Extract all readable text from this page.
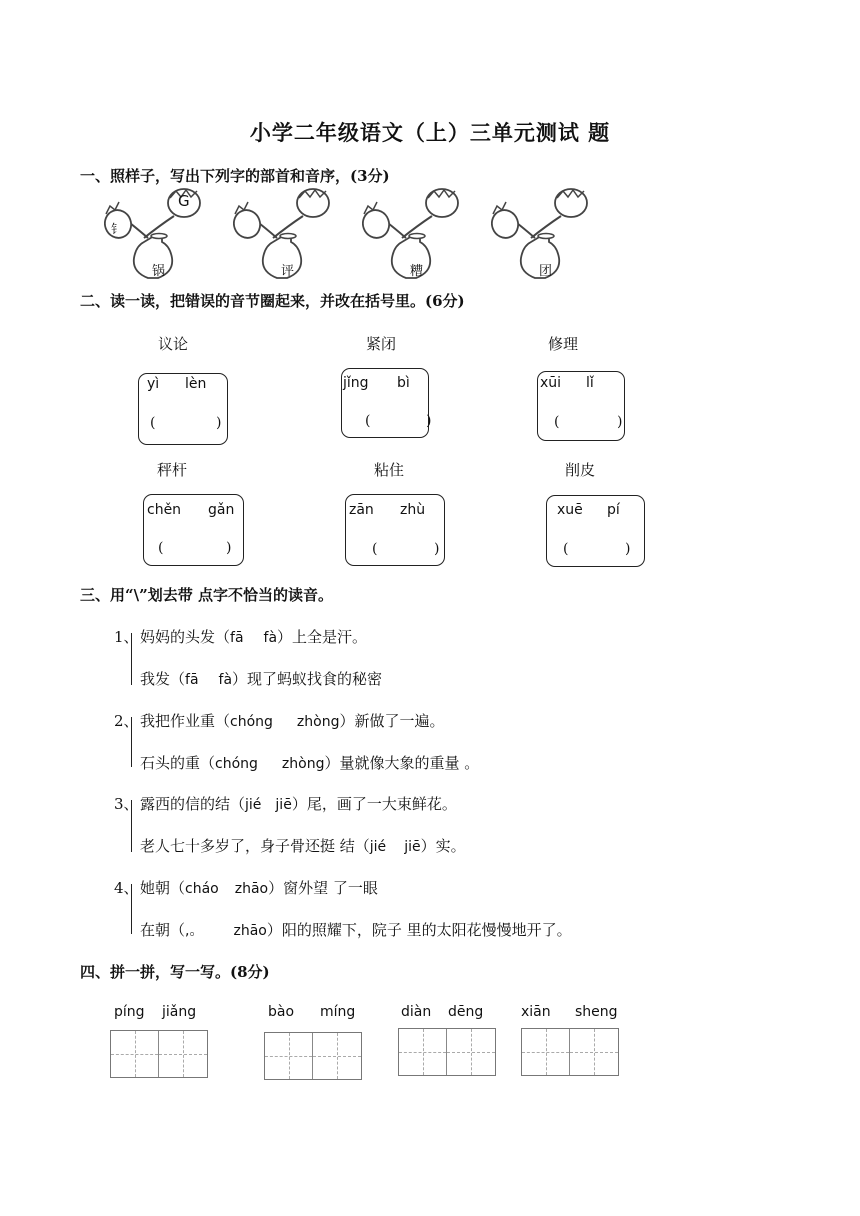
小学二年级语文（上）三单元测试 题
一、照样子，写出下列字的部首和音序，(3分)
锅
钅
G
评	糟	团
二、读一读，把错误的音节圈起来，并改在括号里。(6分)
议论	紧闭	修理
yì lèn
(	)
jǐng bì
(	)
xūi lǐ
(	)
秤杆	粘住	削皮
chěn gǎn
(	)
zān zhù
(	)
xuē pí
(	)
三、用“\”划去带 点字不恰当的读音。
1、 妈妈的头发（fā fà）上全是汗。
我发（fā fà）现了蚂蚁找食的秘密
2、 我把作业重（chóng zhòng）新做了一遍。
石头的重（chóng zhòng）量就像大象的重量 。
3、 露西的信的结（jié jiē）尾，画了一大束鲜花。
老人七十多岁了，身子骨还挺 结（jié jiē）实。
4、 她朝（cháo zhāo）窗外望 了一眼
在朝（,。 zhāo）阳的照耀下，院子 里的太阳花慢慢地开了。
四、拼一拼，写一写。(8分)
píng jiǎng	bào míng	diàn dēng	xiān sheng
